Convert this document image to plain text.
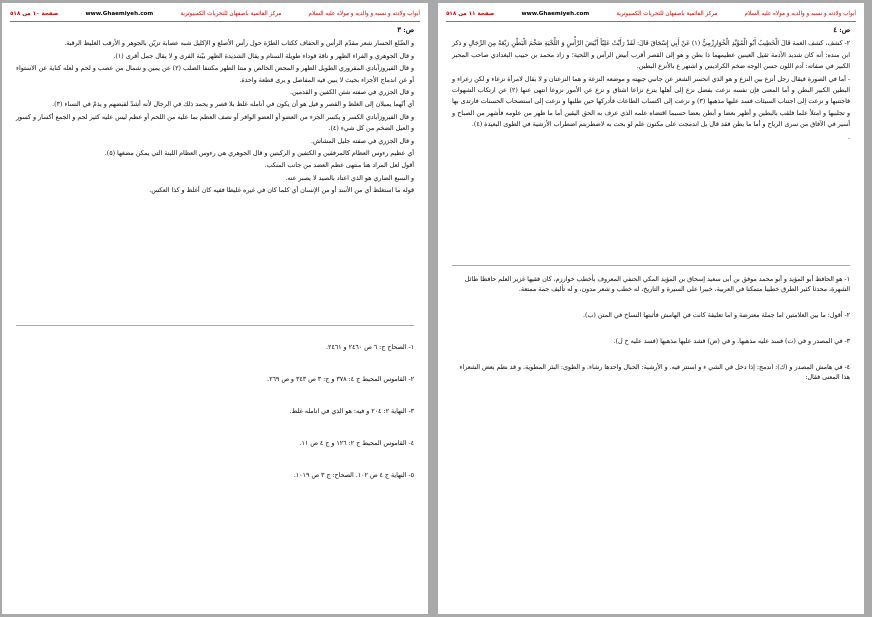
أبواب ولادته و نسبه و والديه و مولاه عليه السلام
مركز القائمية باصفهان للتحريات الكمبيوترية
www.Ghaemiyeh.com
صفحة ١٠ من ٥١٨

ص: ٣

و الضّلع الحسار شعر مقدّم الرأس و الحفاف ككتاب الطرّة حول رأس الأصلع و الإكليل شبه عصابة تزيّن بالجوهر و الأرقب الغليظ الرقبة.

و قال الجوهري و الفراء الظهر و ناقة قوداء طويلة السنام و يقال الشديدة الظهر بيّنة القرى و لا يقال جمل أقرى (١).

و قال الفيروزآبادي المقروري الطويل الظهر و المحض الخالص و متنا الظهر مكتنفا الصلب (٢) عن يمين و شمال من عصب و لحم و لعله كناية عن الاستواء أو عن اندماج الأجزاء بحيث لا يبين فيه المفاصل و يرى قطعة واحدة.

و قال الجزري في صفته شثن الكفين و القدمين.

أي أنّهما يميلان إلى الغلظ و القصر و قيل هو أن يكون في أنامله غلظ بلا قصر و يحمد ذلك في الرجال لأنه أشدّ لقبضهم و يذمّ في النساء (٣).

و قال الفيروزآبادي الكسر و يكسر الجزء من العضو أو العضو الوافر أو نصف العظم بما عليه من اللحم أو عظم ليس عليه كثير لحم و الجمع أكسار و كسور و العيل الضخم من كل شيء (٤).

و قال الجزري في صفته جليل المشاش.

أي عظيم رءوس العظام كالمرفقين و الكتفين و الركبتين و قال الجوهري هي رءوس العظام اللينة التي يمكن مضغها (٥).

أقول لعل المراد هنا منتهى عظم العضد من جانب المنكب.

و السبع الضاري هو الذي اعتاد بالصيد لا يصبر عنه.

قوله ما استغلظ أي من الأسد أو من الإنسان أي كلما كان في غيره غليظا ففيه كان أغلظ و كذا العكس.

١- الصحاح ج: ٦ ص ٢٤٦٠ و ٢٤٦١.

٢- القاموس المحيط ج ٤: ٣٧٨ و ج: ٣ ص ٣٤٣ و ص ٢٦٩.

٣- النهاية ٢: ٢٠٤ و فيه: هو الذي في انامله غلظ.

٤- القاموس المحيط ج ٢: ١٢٦ و ج ٤ ص ١١.

٥- النهاية ج ٤ ص ١٠٢. الصحاح: ج ٣ ص ١٠١٩.

أبواب ولادته و نسبه و والديه و مولاه عليه السلام
مركز القائمية باصفهان للتحريات الكمبيوترية
www.Ghaemiyeh.com
صفحة ١١ من ٥١٨

ص: ٤

٢- كشف، كشف الغمة قَالَ الْخَطِيبُ أَبُو الْمُؤَيَّدِ الْخُوَارِزْمِيُّ (١) عَنْ أَبِي إِسْحَاقَ قَالَ: لَقَدْ رَأَيْتُ عَلِيّاً أَبْيَضَ الرَّأْسِ وَ اللِّحْيَةِ ضَخْمَ الْبَطْنِ رَبْعَةً مِنَ الرِّجَالِ و ذكر ابن منده: أنه كان شديد الأدمة ثقيل العينين عظيمهما ذا بطن و هو إلى القصر أقرب أبيض الرأس و اللحية؛ و زاد محمد بن حبيب البغدادي صاحب المحبر الكبير في صفاته: آدم اللون حسن الوجه ضخم الكراديس و اشتهر ع بالأنزع البطين.

- أما في الصورة فيقال رجل أنزع بين النزع و هو الذي انحسر الشعر عن جانبي جبهته و موضعه النزعة و هما النزعتان و لا يقال لامرأة نزعاء و لكن زعراء و البطين الكبير البطن و أما المعنى فإن نفسه نزعت بفضل نزع إلى أهلها ينزع نزاعا اشتاق و نزع عن الأمور نزوعا انتهى عنها (٢) عن ارتكاب الشهوات فاجتنبها و نزعت إلى اجتناب السيئات فسد عليها مذهبها (٣) و نزعت إلى اكتساب الطاعات فأدركها حين طلبها و نزعت إلى استصحاب الحسنات فارتدى بها و تجلببها و امتلأ علما فلقب بالبطين و أظهر بعضا و أبطن بعضا حسبما اقتضاه علمه الذي عرف به الحق اليقين أما ما ظهر من علومه فأشهر من الصباح و أسير في الآفاق من سرى الرياح و أما ما بطن فقد قال بل اندمجت على مكنون علم لو بحت به لاضطربتم اضطراب الأرشية في الطوى البعيدة (٤).

.

١- هو الحافظ أبو المؤيد و أبو محمد موفق بن أبى سعيد إسحاق بن المؤيد المكي الحنفي المعروف بأخطب خوارزم، كان فقيها غزير العلم حافظا طائل الشهرة، محدثا كثير الطرق خطيبا متمكنا في العربية، خبيرا على السيرة و التاريخ، له خطب و شعر مدون، و له تأليف جمة ممتعة.

٢- أقول: ما بين العلامتين اما جملة معترضة و اما تعليقة كانت في الهامش فأثبتها النساخ في المتن (ب).

٣- في المصدر و في (ت) فسد عليه مذهبها. و في (ض) فشد عليها مذهبها (فسد عليه خ ل).

٤- في هامش المصدر و (ك): اندمج: إذا دخل في الشي ء و استتر فيه. و الأرشية: الحبال واحدها رشاء. و الطوى: البئر المطوية. و قد نظم بعض الشعراء هذا المعنى فقال:
